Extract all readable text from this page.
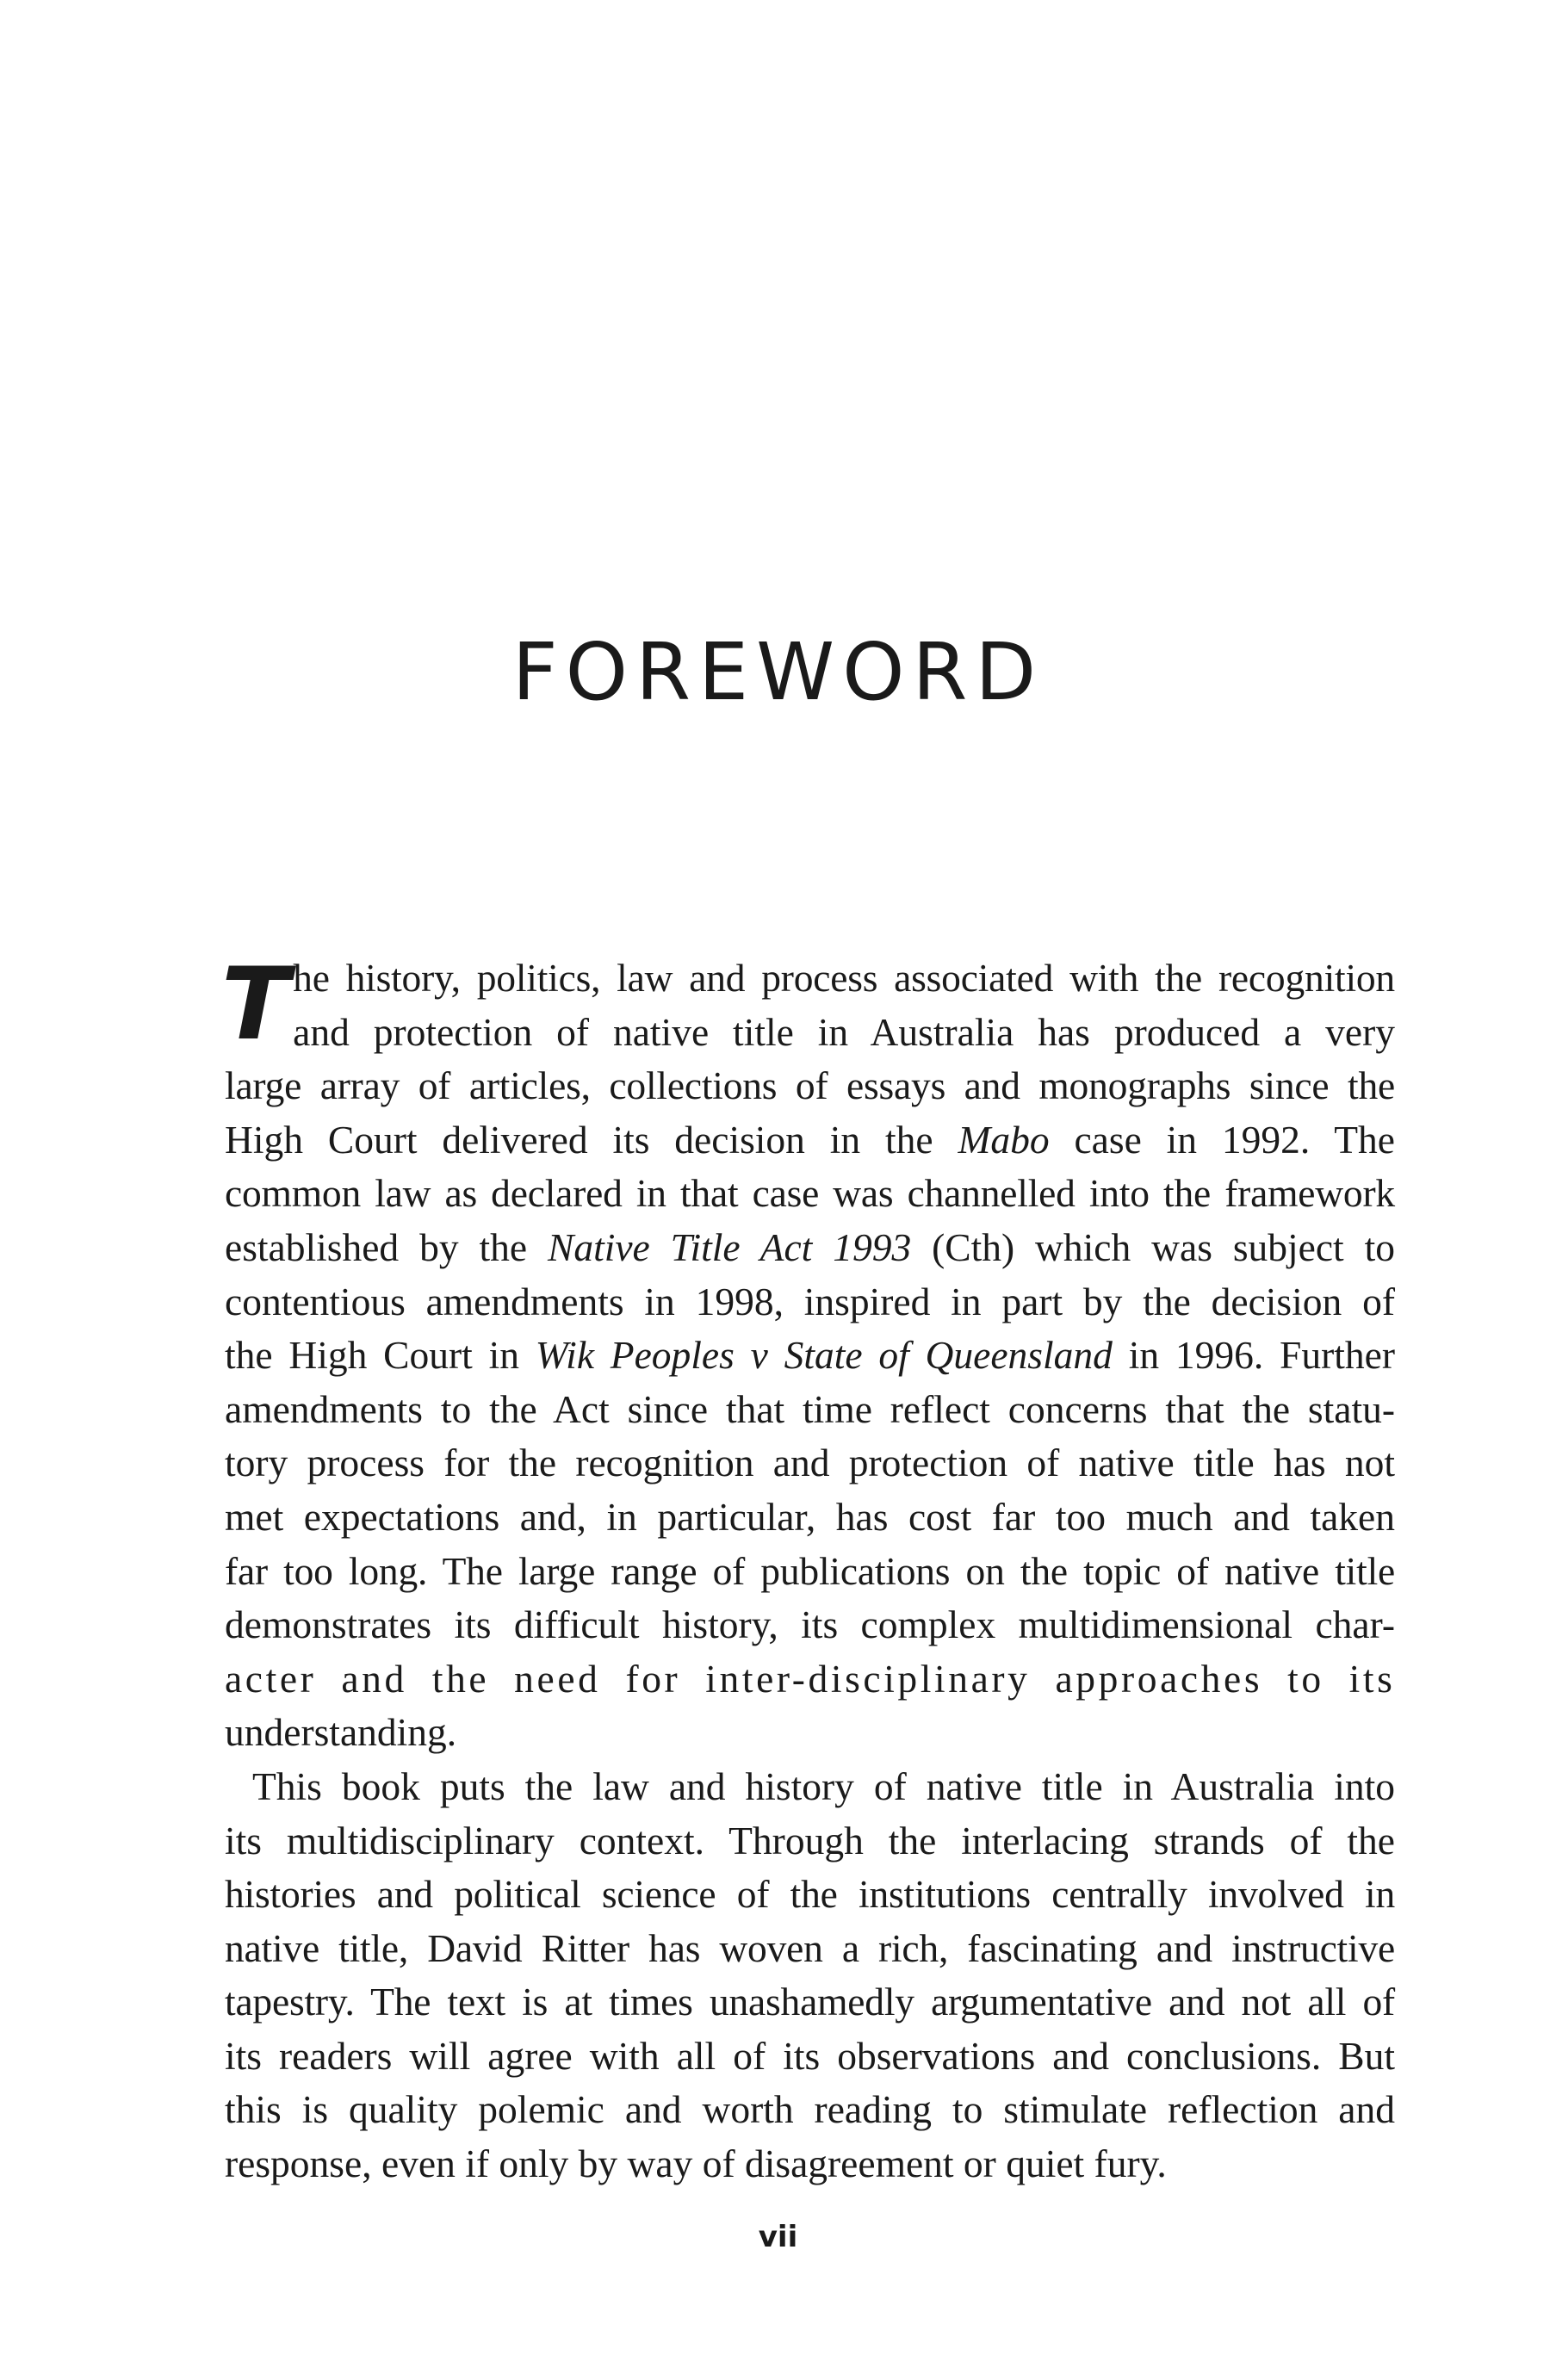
FOREWORD
T he history, politics, law and process associated with the recognition
and protection of native title in Australia has produced a very
large array of articles, collections of essays and monographs since the
High Court delivered its decision in the Mabo case in 1992. The
common law as declared in that case was channelled into the framework
established by the Native Title Act 1993 (Cth) which was subject to
contentious amendments in 1998, inspired in part by the decision of
the High Court in Wik Peoples v State of Queensland in 1996. Further
amendments to the Act since that time reflect concerns that the statu-
tory process for the recognition and protection of native title has not
met expectations and, in particular, has cost far too much and taken
far too long. The large range of publications on the topic of native title
demonstrates its difficult history, its complex multidimensional char-
acter and the need for inter-disciplinary approaches to its
understanding.
This book puts the law and history of native title in Australia into
its multidisciplinary context. Through the interlacing strands of the
histories and political science of the institutions centrally involved in
native title, David Ritter has woven a rich, fascinating and instructive
tapestry. The text is at times unashamedly argumentative and not all of
its readers will agree with all of its observations and conclusions. But
this is quality polemic and worth reading to stimulate reflection and
response, even if only by way of disagreement or quiet fury.
vii
